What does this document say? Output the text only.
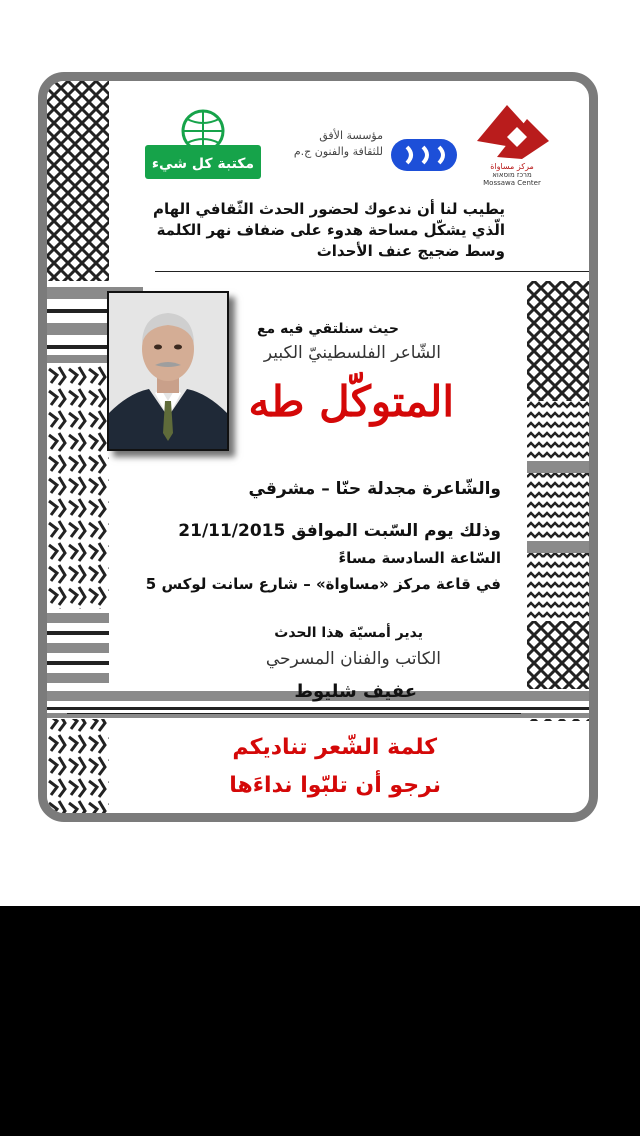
مكتبة كل شيء
مؤسسة الأفق
للثقافة والفنون ج.م
مركز مساواة
מרכז מוסאוא
Mossawa Center
يطيب لنا أن ندعوك لحضور الحدث الثّقافي الهام
الّذي يشكّل مساحة هدوء على ضفاف نهر الكلمة
وسط ضجيج عنف الأحداث
حيث سنلتقي فيه مع
الشّاعر الفلسطينيّ الكبير
المتوكّل طه
والشّاعرة مجدلة حنّا – مشرقي
وذلك يوم السّبت الموافق 21/11/2015
السّاعة السادسة مساءً
في قاعة مركز «مساواة» – شارع سانت لوكس 5
يدير أمسيّة هذا الحدث
الكاتب والفنان المسرحي
عفيف شليوط
كلمة الشّعر تناديكم
نرجو أن تلبّوا نداءَها
